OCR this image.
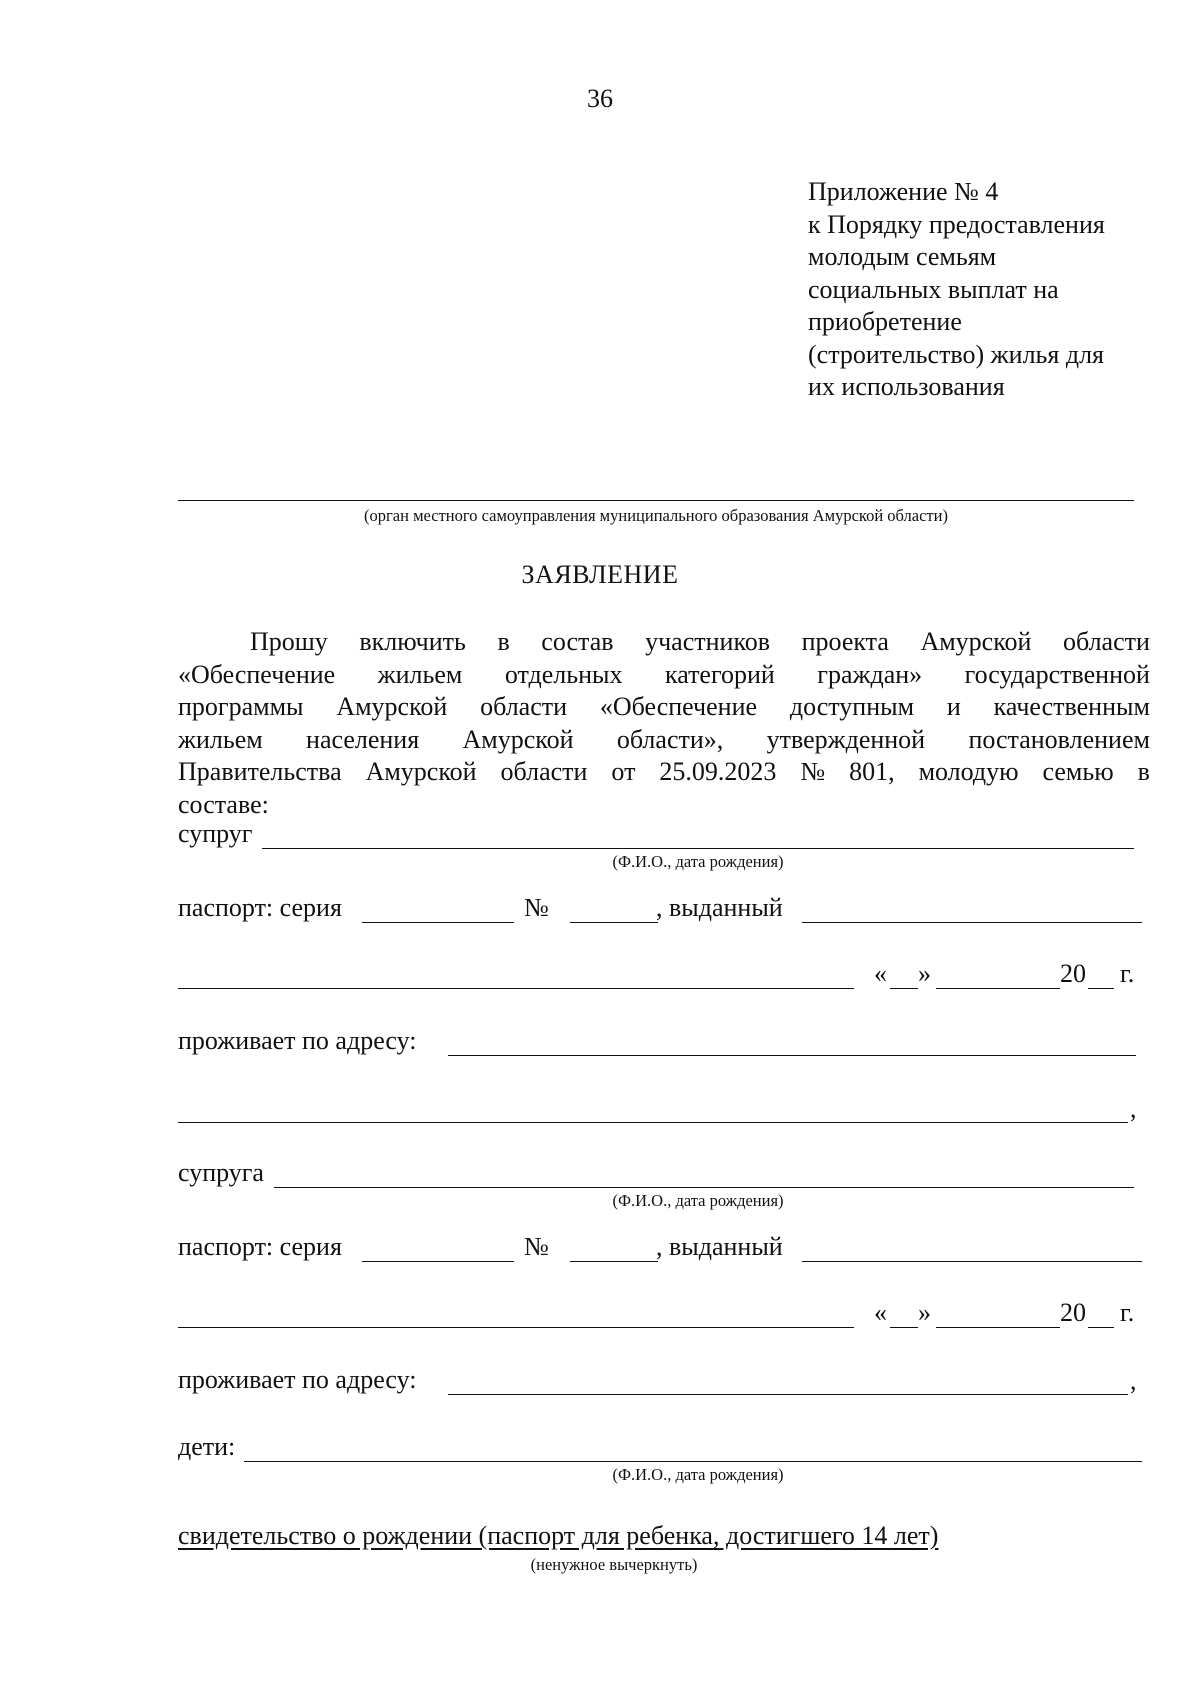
36
Приложение № 4
к Порядку предоставления
молодым семьям
социальных выплат на
приобретение
(строительство) жилья для
их использования
(орган местного самоуправления муниципального образования Амурской области)
ЗАЯВЛЕНИЕ
Прошу включить в состав участников проекта Амурской области
«Обеспечение жильем отдельных категорий граждан» государственной
программы Амурской области «Обеспечение доступным и качественным
жильем населения Амурской области», утвержденной постановлением
Правительства Амурской области от 25.09.2023 № 801, молодую семью в
составе:
супруг
(Ф.И.О., дата рождения)
паспорт: серия	№	, выданный
« »	20 г.
проживает по адресу:
,
супруга
(Ф.И.О., дата рождения)
паспорт: серия	№	, выданный
« »	20 г.
проживает по адресу:	,
дети:
(Ф.И.О., дата рождения)
свидетельство о рождении (паспорт для ребенка, достигшего 14 лет)
(ненужное вычеркнуть)
